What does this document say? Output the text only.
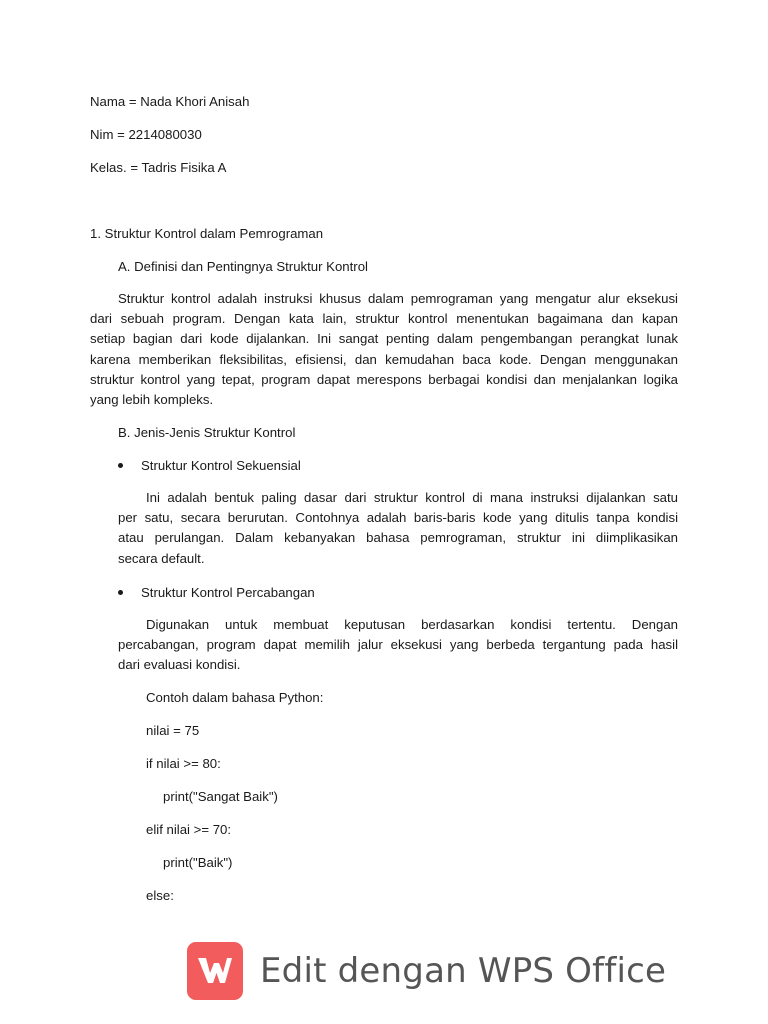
Nama = Nada Khori Anisah
Nim = 2214080030
Kelas. = Tadris Fisika A
1. Struktur Kontrol dalam Pemrograman
A. Definisi dan Pentingnya Struktur Kontrol
Struktur kontrol adalah instruksi khusus dalam pemrograman yang mengatur alur eksekusi
dari sebuah program. Dengan kata lain, struktur kontrol menentukan bagaimana dan kapan
setiap bagian dari kode dijalankan. Ini sangat penting dalam pengembangan perangkat lunak
karena memberikan fleksibilitas, efisiensi, dan kemudahan baca kode. Dengan menggunakan
struktur kontrol yang tepat, program dapat merespons berbagai kondisi dan menjalankan logika
yang lebih kompleks.
B. Jenis-Jenis Struktur Kontrol
Struktur Kontrol Sekuensial
Ini adalah bentuk paling dasar dari struktur kontrol di mana instruksi dijalankan satu
per satu, secara berurutan. Contohnya adalah baris-baris kode yang ditulis tanpa kondisi
atau perulangan. Dalam kebanyakan bahasa pemrograman, struktur ini diimplikasikan
secara default.
Struktur Kontrol Percabangan
Digunakan untuk membuat keputusan berdasarkan kondisi tertentu. Dengan
percabangan, program dapat memilih jalur eksekusi yang berbeda tergantung pada hasil
dari evaluasi kondisi.
Contoh dalam bahasa Python:
nilai = 75
if nilai >= 80:
print("Sangat Baik")
elif nilai >= 70:
print("Baik")
else:
Edit dengan WPS Office
